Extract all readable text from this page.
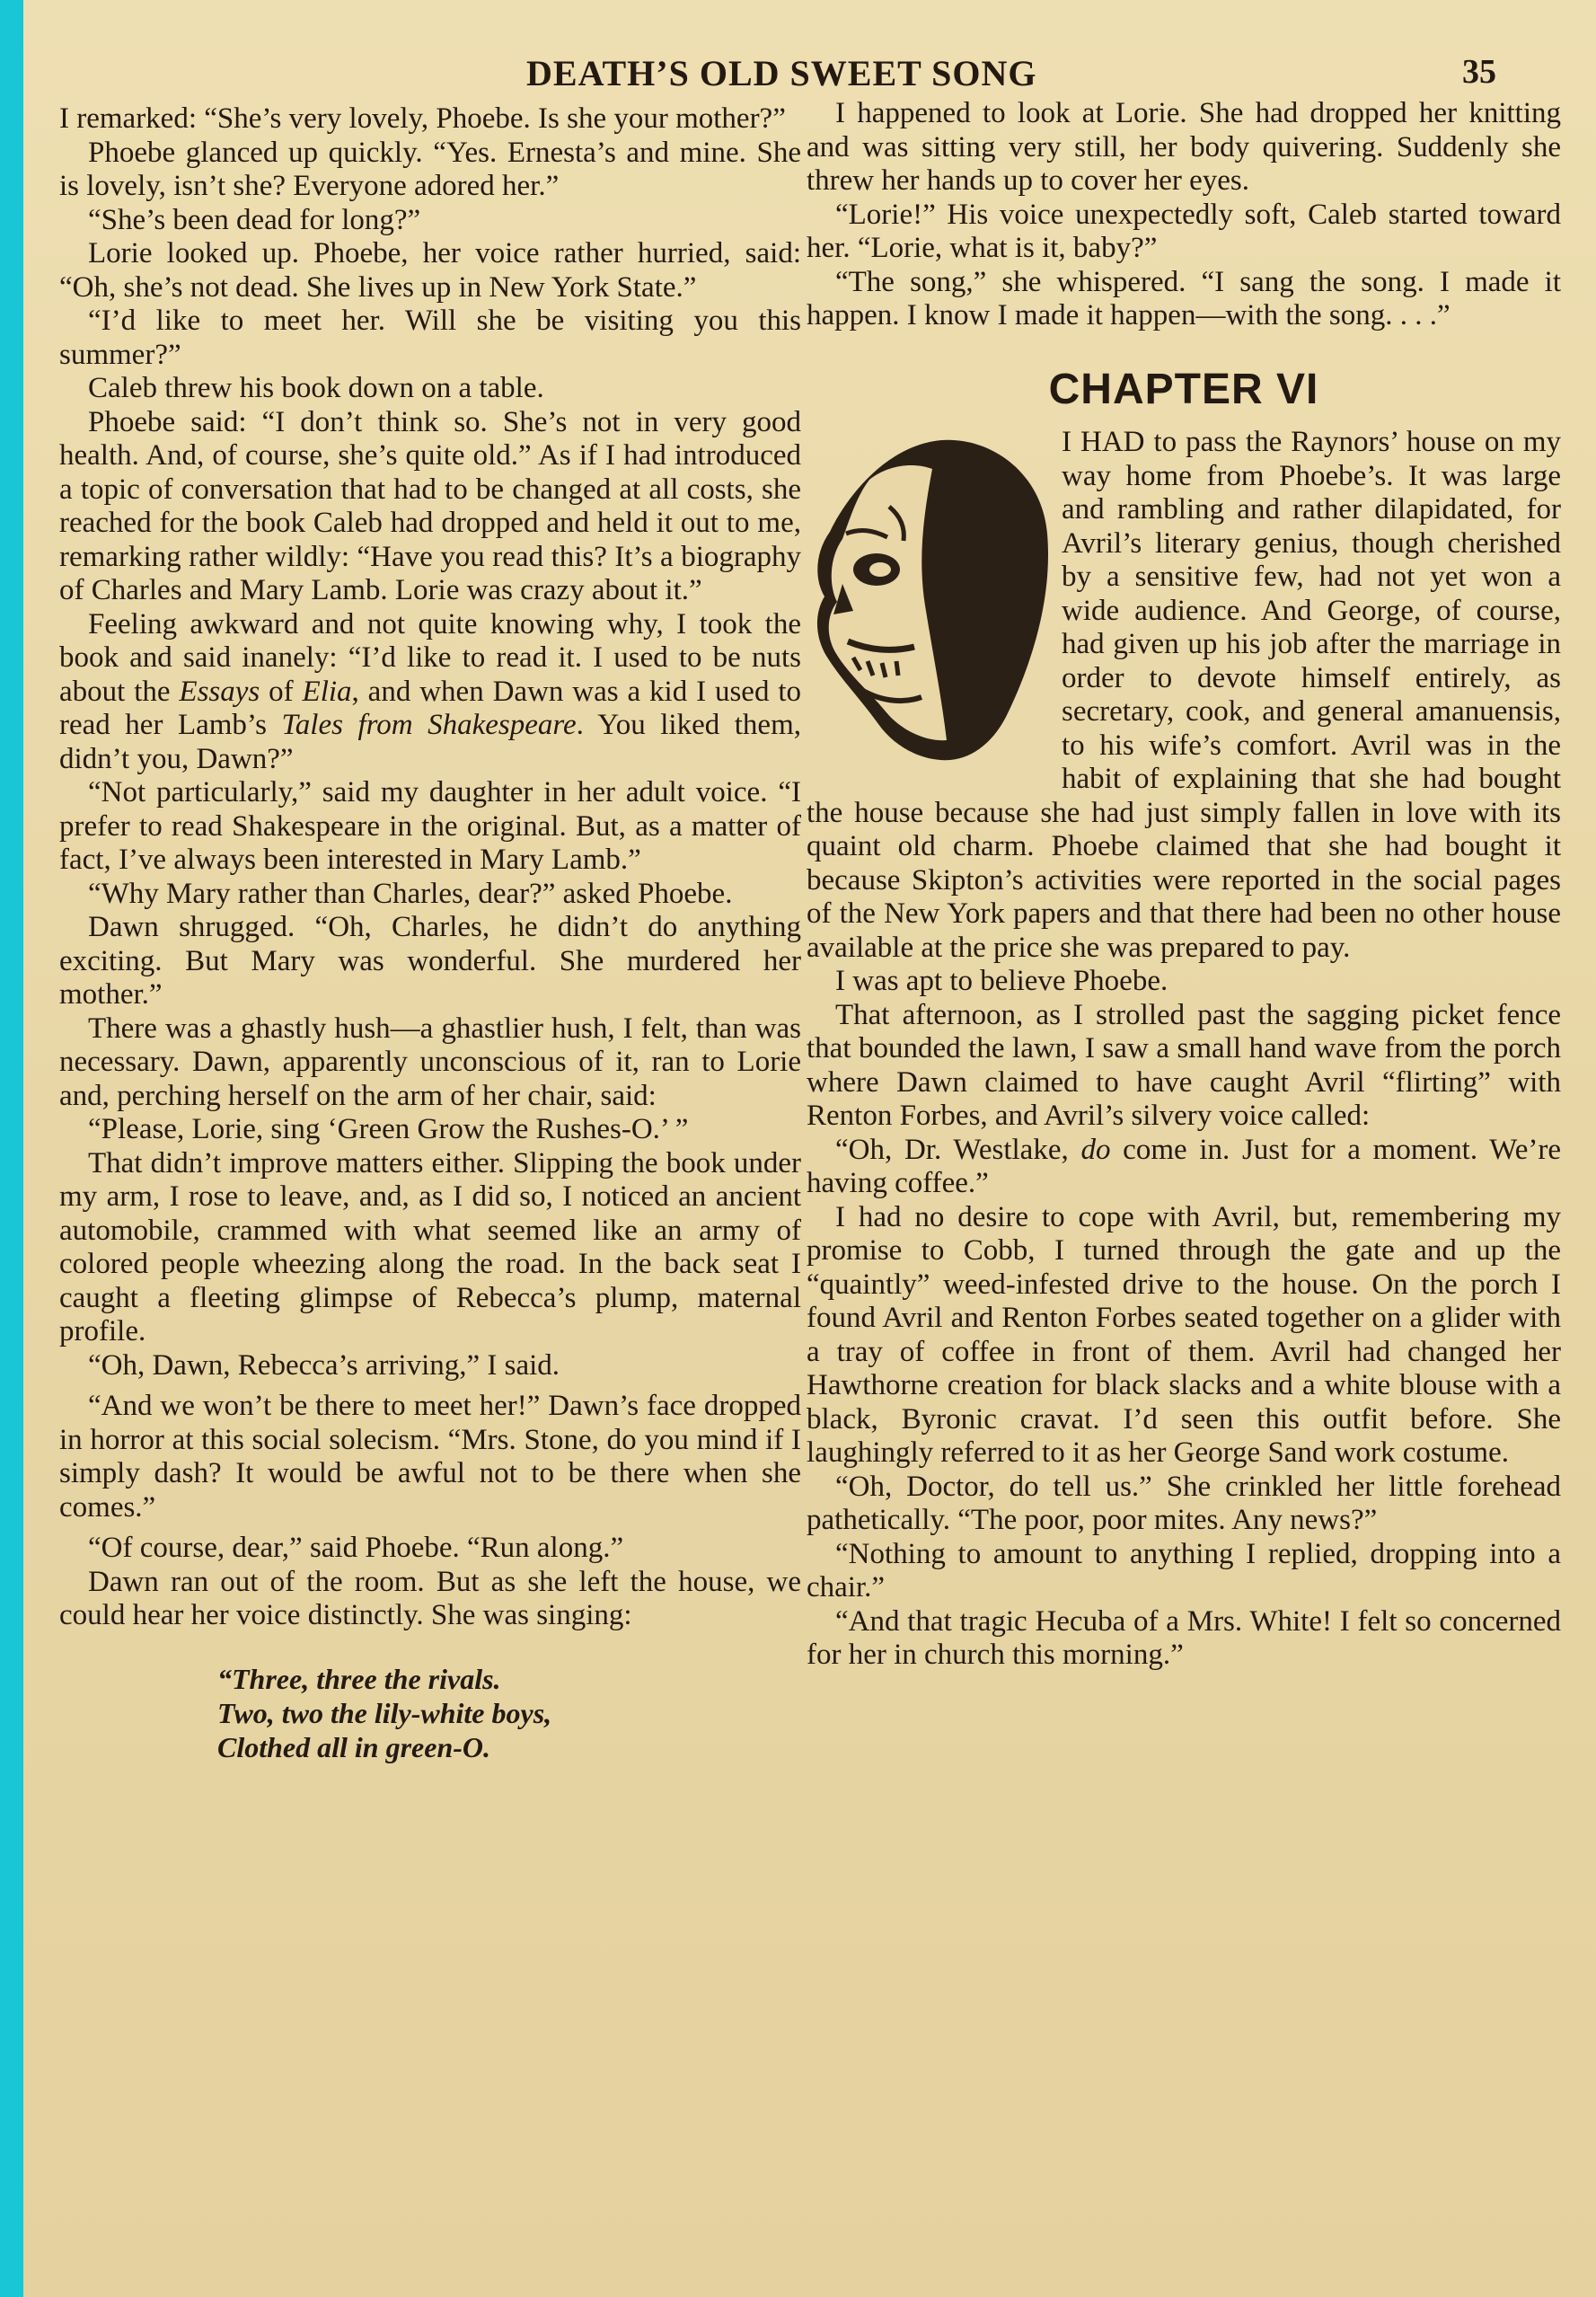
DEATH’S OLD SWEET SONG	35

I remarked: “She’s very lovely, Phoebe. Is she your mother?”

Phoebe glanced up quickly. “Yes. Ernesta’s and mine. She is lovely, isn’t she? Everyone adored her.”

“She’s been dead for long?”

Lorie looked up. Phoebe, her voice rather hurried, said: “Oh, she’s not dead. She lives up in New York State.”

“I’d like to meet her. Will she be visiting you this summer?”

Caleb threw his book down on a table.

Phoebe said: “I don’t think so. She’s not in very good health. And, of course, she’s quite old.” As if I had introduced a topic of conversation that had to be changed at all costs, she reached for the book Caleb had dropped and held it out to me, remarking rather wildly: “Have you read this? It’s a biography of Charles and Mary Lamb. Lorie was crazy about it.”

Feeling awkward and not quite knowing why, I took the book and said inanely: “I’d like to read it. I used to be nuts about the Essays of Elia, and when Dawn was a kid I used to read her Lamb’s Tales from Shakespeare. You liked them, didn’t you, Dawn?”

“Not particularly,” said my daughter in her adult voice. “I prefer to read Shakespeare in the original. But, as a matter of fact, I’ve always been interested in Mary Lamb.”

“Why Mary rather than Charles, dear?” asked Phoebe.

Dawn shrugged. “Oh, Charles, he didn’t do anything exciting. But Mary was wonderful. She murdered her mother.”

There was a ghastly hush—a ghastlier hush, I felt, than was necessary. Dawn, apparently unconscious of it, ran to Lorie and, perching herself on the arm of her chair, said:

“Please, Lorie, sing ‘Green Grow the Rushes-O.’ ”

That didn’t improve matters either. Slipping the book under my arm, I rose to leave, and, as I did so, I noticed an ancient automobile, crammed with what seemed like an army of colored people wheezing along the road. In the back seat I caught a fleeting glimpse of Rebecca’s plump, maternal profile.

“Oh, Dawn, Rebecca’s arriving,” I said.

“And we won’t be there to meet her!” Dawn’s face dropped in horror at this social solecism. “Mrs. Stone, do you mind if I simply dash? It would be awful not to be there when she comes.”

“Of course, dear,” said Phoebe. “Run along.”

Dawn ran out of the room. But as she left the house, we could hear her voice distinctly. She was singing:

“Three, three the rivals.
Two, two the lily-white boys,
Clothed all in green-O.

I happened to look at Lorie. She had dropped her knitting and was sitting very still, her body quivering. Suddenly she threw her hands up to cover her eyes.

“Lorie!” His voice unexpectedly soft, Caleb started toward her. “Lorie, what is it, baby?”

“The song,” she whispered. “I sang the song. I made it happen. I know I made it happen—with the song. . . .”

CHAPTER VI

I HAD to pass the Raynors’ house on my way home from Phoebe’s. It was large and rambling and rather dilapidated, for Avril’s literary genius, though cherished by a sensitive few, had not yet won a wide audience. And George, of course, had given up his job after the marriage in order to devote himself entirely, as secretary, cook, and general amanuensis, to his wife’s comfort. Avril was in the habit of explaining that she had bought the house because she had just simply fallen in love with its quaint old charm. Phoebe claimed that she had bought it because Skipton’s activities were reported in the social pages of the New York papers and that there had been no other house available at the price she was prepared to pay.

I was apt to believe Phoebe.

That afternoon, as I strolled past the sagging picket fence that bounded the lawn, I saw a small hand wave from the porch where Dawn claimed to have caught Avril “flirting” with Renton Forbes, and Avril’s silvery voice called:

“Oh, Dr. Westlake, do come in. Just for a moment. We’re having coffee.”

I had no desire to cope with Avril, but, remembering my promise to Cobb, I turned through the gate and up the “quaintly” weed-infested drive to the house. On the porch I found Avril and Renton Forbes seated together on a glider with a tray of coffee in front of them. Avril had changed her Hawthorne creation for black slacks and a white blouse with a black, Byronic cravat. I’d seen this outfit before. She laughingly referred to it as her George Sand work costume.

“Oh, Doctor, do tell us.” She crinkled her little forehead pathetically. “The poor, poor mites. Any news?”

“Nothing to amount to anything I replied, dropping into a chair.”

“And that tragic Hecuba of a Mrs. White! I felt so concerned for her in church this morning.”
